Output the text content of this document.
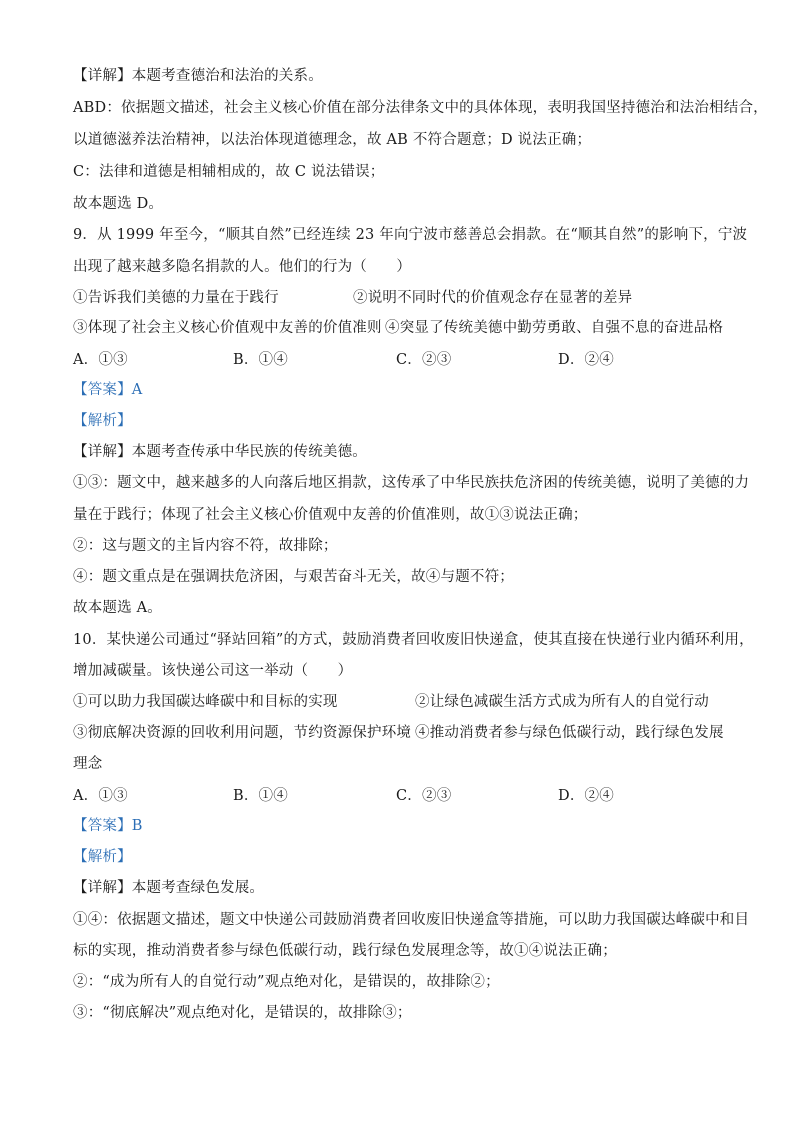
【详解】本题考查德治和法治的关系。
ABD：依据题文描述，社会主义核心价值在部分法律条文中的具体体现，表明我国坚持德治和法治相结合，
以道德滋养法治精神，以法治体现道德理念，故 AB 不符合题意；D 说法正确；
C：法律和道德是相辅相成的，故 C 说法错误；
故本题选 D。
9．从 1999 年至今，“顺其自然”已经连续 23 年向宁波市慈善总会捐款。在“顺其自然”的影响下，宁波
出现了越来越多隐名捐款的人。他们的行为（　　）
①告诉我们美德的力量在于践行	②说明不同时代的价值观念存在显著的差异
③体现了社会主义核心价值观中友善的价值准则 ④突显了传统美德中勤劳勇敢、自强不息的奋进品格
A．①③	B．①④	C．②③	D．②④
【答案】A
【解析】
【详解】本题考查传承中华民族的传统美德。
①③：题文中，越来越多的人向落后地区捐款，这传承了中华民族扶危济困的传统美德，说明了美德的力
量在于践行；体现了社会主义核心价值观中友善的价值准则，故①③说法正确；
②：这与题文的主旨内容不符，故排除；
④：题文重点是在强调扶危济困，与艰苦奋斗无关，故④与题不符；
故本题选 A。
10．某快递公司通过“驿站回箱”的方式，鼓励消费者回收废旧快递盒，使其直接在快递行业内循环利用，
增加减碳量。该快递公司这一举动（　　）
①可以助力我国碳达峰碳中和目标的实现	②让绿色减碳生活方式成为所有人的自觉行动
③彻底解决资源的回收利用问题，节约资源保护环境 ④推动消费者参与绿色低碳行动，践行绿色发展
理念
A．①③	B．①④	C．②③	D．②④
【答案】B
【解析】
【详解】本题考查绿色发展。
①④：依据题文描述，题文中快递公司鼓励消费者回收废旧快递盒等措施，可以助力我国碳达峰碳中和目
标的实现，推动消费者参与绿色低碳行动，践行绿色发展理念等，故①④说法正确；
②：“成为所有人的自觉行动”观点绝对化，是错误的，故排除②；
③：“彻底解决”观点绝对化，是错误的，故排除③；
